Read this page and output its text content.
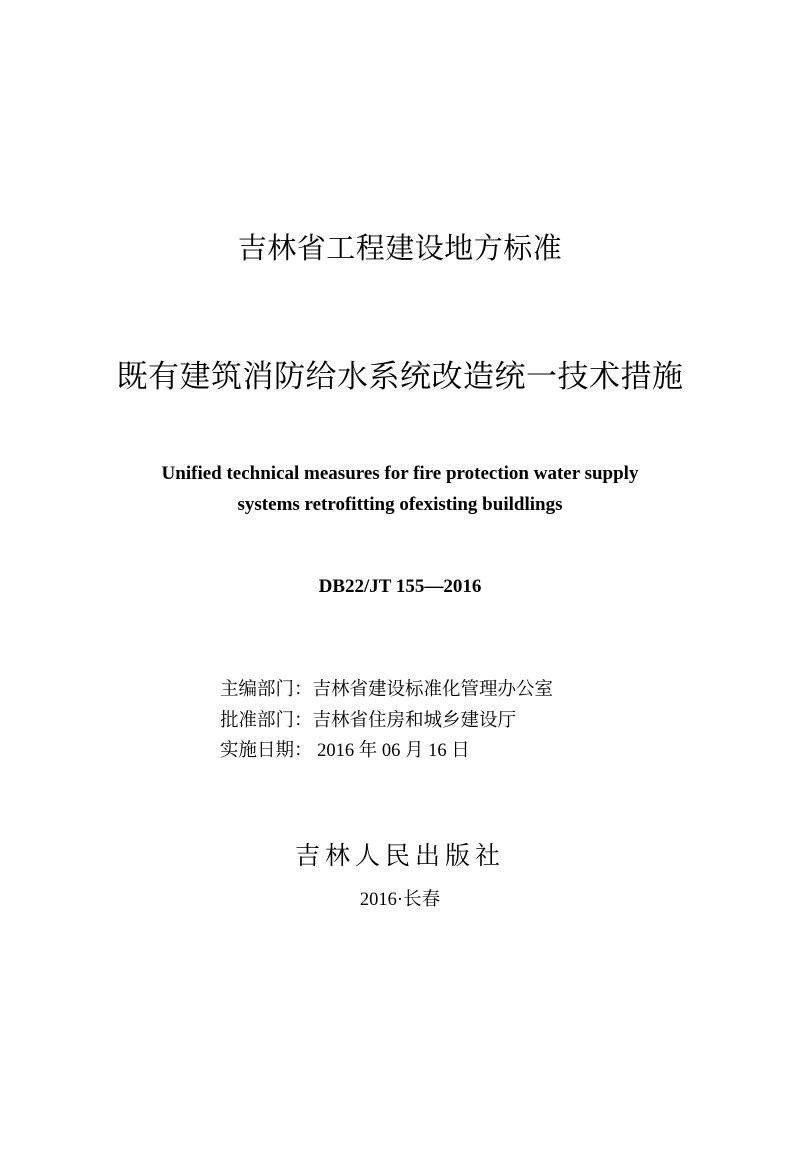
吉林省工程建设地方标准
既有建筑消防给水系统改造统一技术措施
Unified technical measures for fire protection water supply
systems retrofitting ofexisting buildlings
DB22/JT 155—2016
主编部门：吉林省建设标准化管理办公室
批准部门：吉林省住房和城乡建设厅
实施日期： 2016 年 06 月 16 日
吉林人民出版社
2016·长春
